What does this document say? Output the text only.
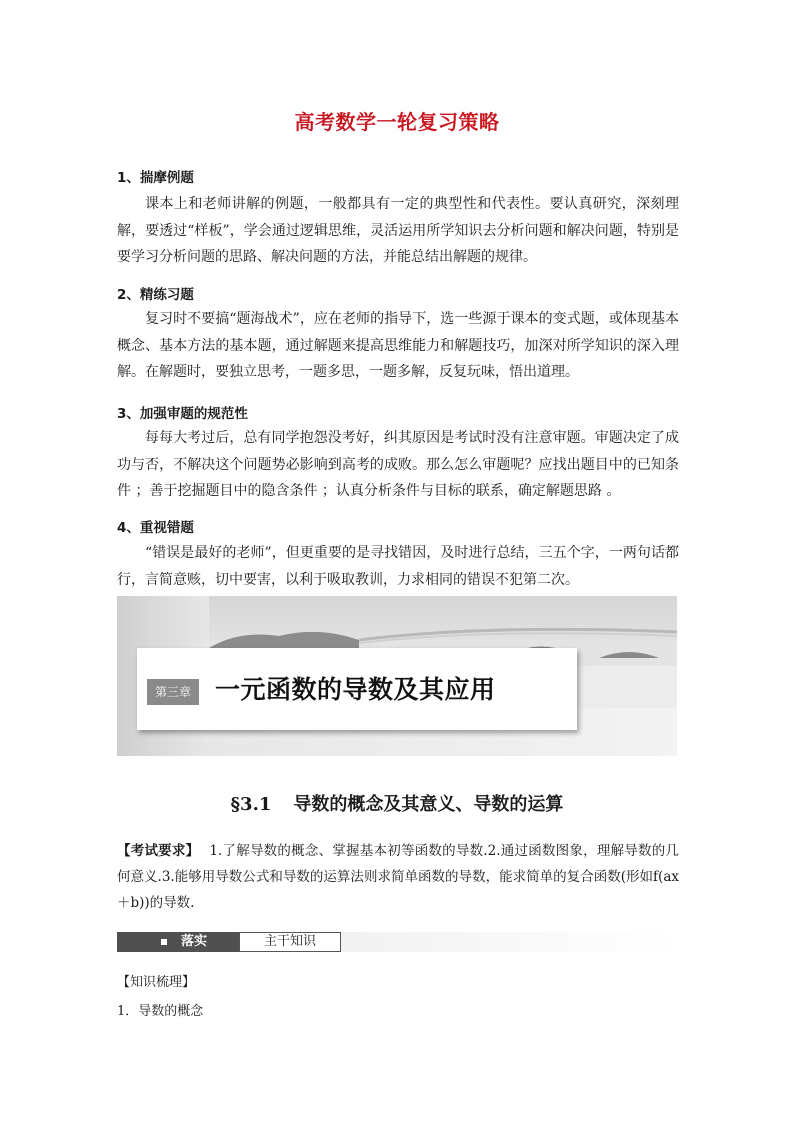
高考数学一轮复习策略
1、揣摩例题
课本上和老师讲解的例题，一般都具有一定的典型性和代表性。要认真研究，深刻理解，要透过“样板”，学会通过逻辑思维，灵活运用所学知识去分析问题和解决问题，特别是要学习分析问题的思路、解决问题的方法，并能总结出解题的规律。
2、精练习题
复习时不要搞“题海战术”，应在老师的指导下，选一些源于课本的变式题，或体现基本概念、基本方法的基本题，通过解题来提高思维能力和解题技巧，加深对所学知识的深入理解。在解题时，要独立思考，一题多思，一题多解，反复玩味，悟出道理。
3、加强审题的规范性
每每大考过后，总有同学抱怨没考好，纠其原因是考试时没有注意审题。审题决定了成功与否，不解决这个问题势必影响到高考的成败。那么怎么审题呢？应找出题目中的已知条件 ；善于挖掘题目中的隐含条件 ；认真分析条件与目标的联系，确定解题思路 。
4、重视错题
“错误是最好的老师”，但更重要的是寻找错因，及时进行总结，三五个字，一两句话都行，言简意赅，切中要害，以利于吸取教训，力求相同的错误不犯第二次。
第三章 一元函数的导数及其应用
§3.1 导数的概念及其意义、导数的运算
【考试要求】 1.了解导数的概念、掌握基本初等函数的导数.2.通过函数图象，理解导数的几何意义.3.能够用导数公式和导数的运算法则求简单函数的导数，能求简单的复合函数(形如f(ax＋b))的导数.
落实	主干知识
【知识梳理】
1．导数的概念
